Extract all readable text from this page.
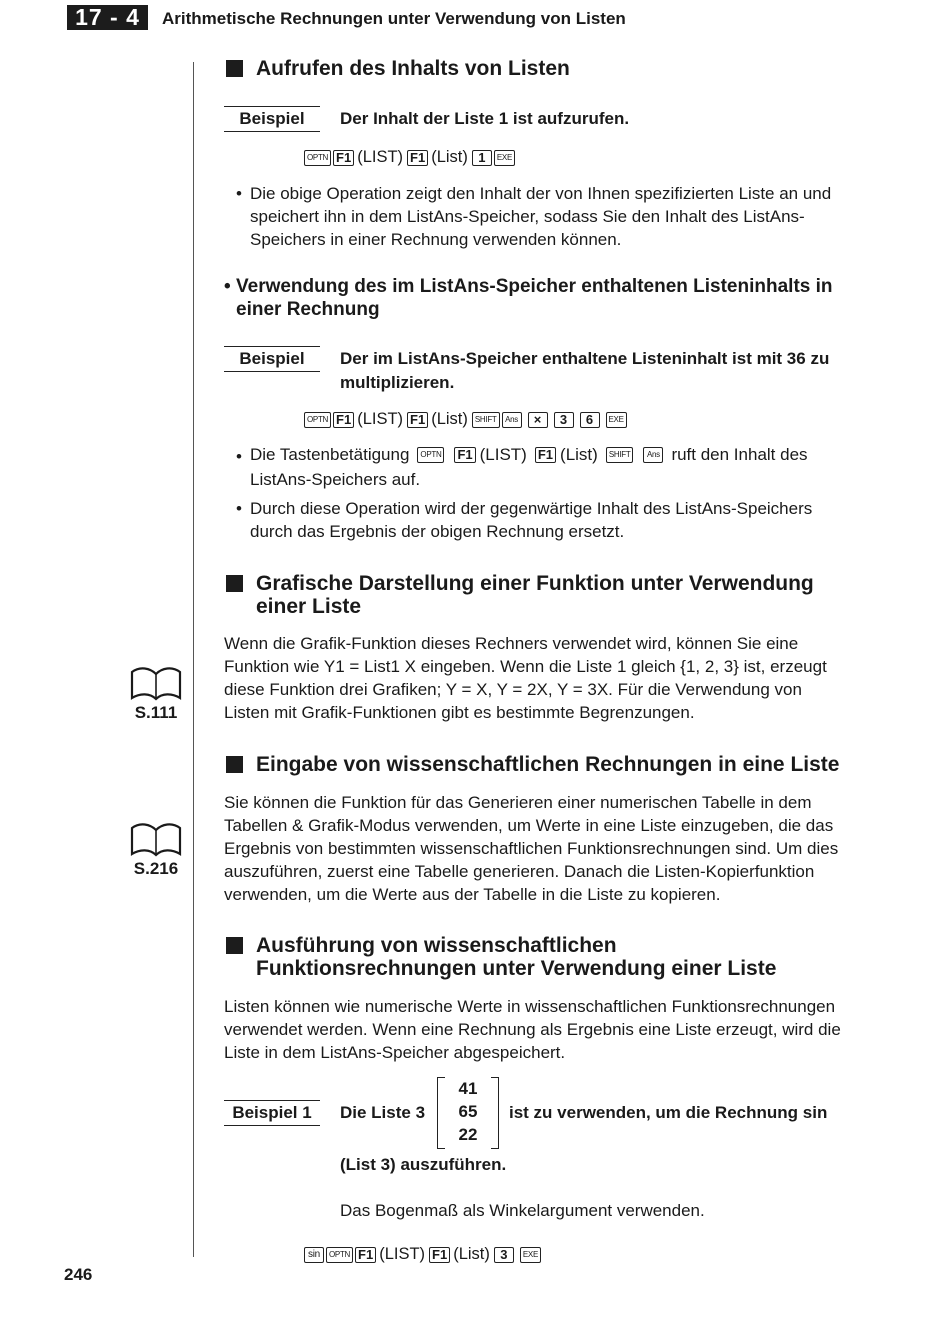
17 - 4	Arithmetische Rechnungen unter Verwendung von Listen
Aufrufen des Inhalts von Listen
Beispiel	Der Inhalt der Liste 1 ist aufzurufen.
OPTN F1 (LIST) F1 (List) 1	EXE
• Die obige Operation zeigt den Inhalt der von Ihnen spezifizierten Liste an und
speichert ihn in dem ListAns-Speicher, sodass Sie den Inhalt des ListAns-
Speichers in einer Rechnung verwenden können.
• Verwendung des im ListAns-Speicher enthaltenen Listeninhalts in
einer Rechnung
Beispiel	Der im ListAns-Speicher enthaltene Listeninhalt ist mit 36 zu
multiplizieren.
OPTN F1 (LIST) F1 (List) SHIFT	Ans	×	3	6	EXE
• Die Tastenbetätigung	OPTN F1 (LIST) F1 (List)	SHIFT	Ans ruft den Inhalt des
ListAns-Speichers auf.
• Durch diese Operation wird der gegenwärtige Inhalt des ListAns-Speichers
durch das Ergebnis der obigen Rechnung ersetzt.
Grafische Darstellung einer Funktion unter Verwendung
einer Liste
S.111
Wenn die Grafik-Funktion dieses Rechners verwendet wird, können Sie eine
Funktion wie Y1 = List1 X eingeben. Wenn die Liste 1 gleich {1, 2, 3} ist, erzeugt
diese Funktion drei Grafiken; Y = X, Y = 2X, Y = 3X. Für die Verwendung von
Listen mit Grafik-Funktionen gibt es bestimmte Begrenzungen.
Eingabe von wissenschaftlichen Rechnungen in eine Liste
S.216
Sie können die Funktion für das Generieren einer numerischen Tabelle in dem
Tabellen & Grafik-Modus verwenden, um Werte in eine Liste einzugeben, die das
Ergebnis von bestimmten wissenschaftlichen Funktionsrechnungen sind. Um dies
auszuführen, zuerst eine Tabelle generieren. Danach die Listen-Kopierfunktion
verwenden, um die Werte aus der Tabelle in die Liste zu kopieren.
Ausführung von wissenschaftlichen
Funktionsrechnungen unter Verwendung einer Liste
Listen können wie numerische Werte in wissenschaftlichen Funktionsrechnungen
verwendet werden. Wenn eine Rechnung als Ergebnis eine Liste erzeugt, wird die
Liste in dem ListAns-Speicher abgespeichert.
Beispiel 1	Die Liste 3
41
65
22
ist zu verwenden, um die Rechnung sin
(List 3) auszuführen.
Das Bogenmaß als Winkelargument verwenden.
sin	OPTN F1 (LIST) F1 (List) 3	EXE
246
